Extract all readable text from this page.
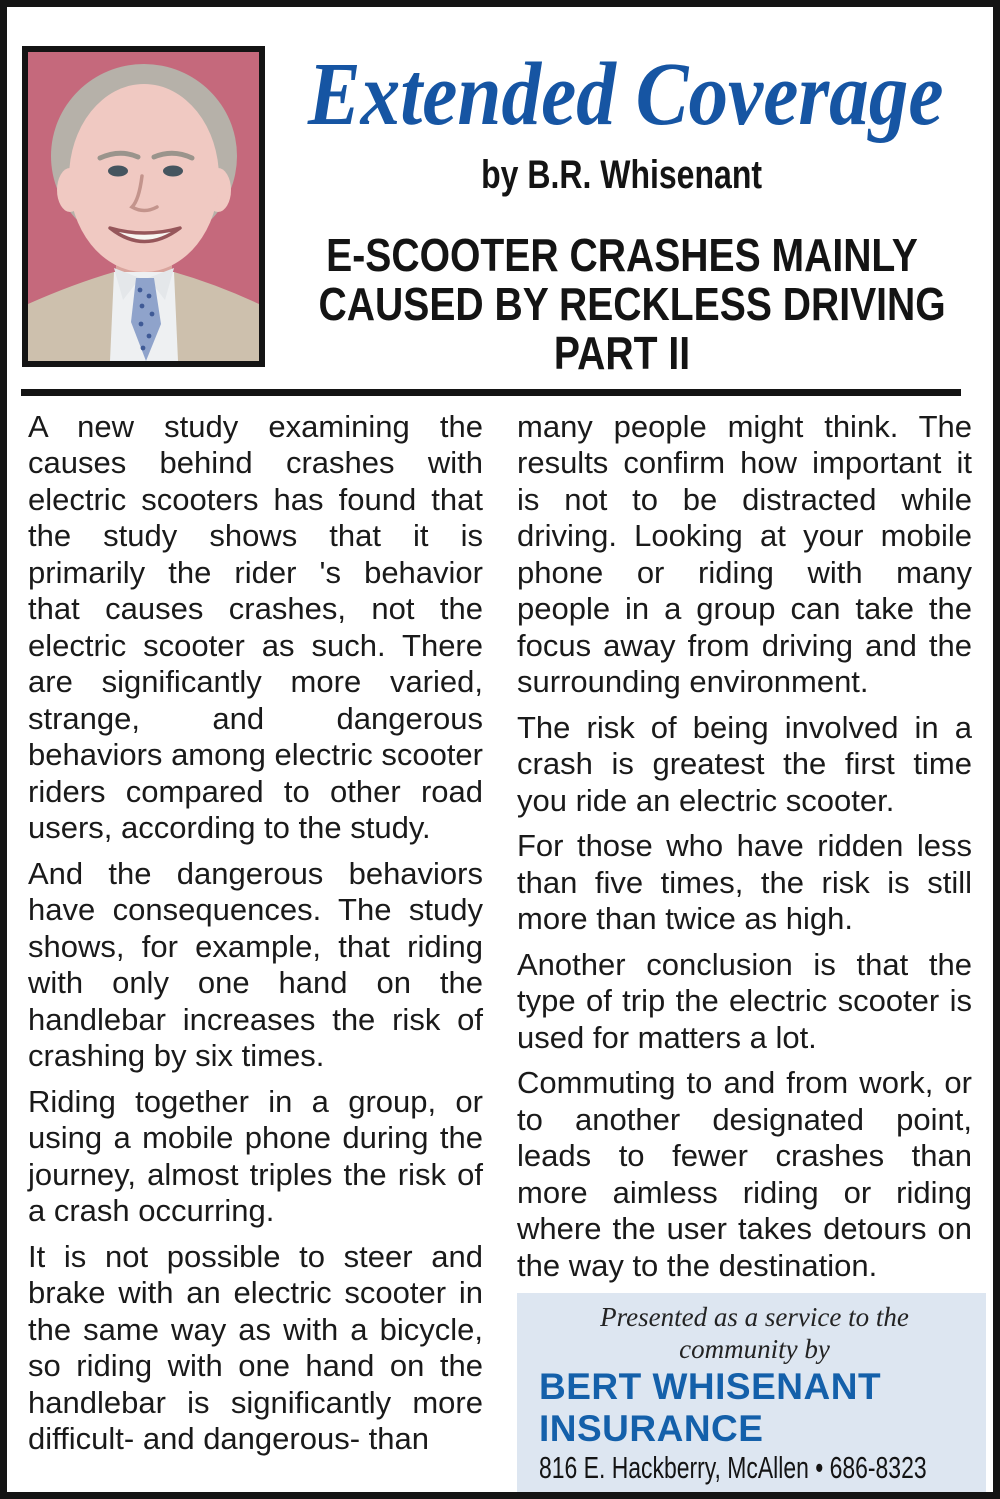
Extended Coverage
by B.R. Whisenant
E-SCOOTER CRASHES MAINLY
CAUSED BY RECKLESS DRIVING
PART II

A new study examining the causes behind crashes with electric scooters has found that the study shows that it is primarily the rider 's behavior that causes crashes, not the electric scooter as such. There are significantly more varied, strange, and dangerous behaviors among electric scooter riders compared to other road users, according to the study.

And the dangerous behaviors have consequences. The study shows, for example, that riding with only one hand on the handlebar increases the risk of crashing by six times.

Riding together in a group, or using a mobile phone during the journey, almost triples the risk of a crash occurring.

It is not possible to steer and brake with an electric scooter in the same way as with a bicycle, so riding with one hand on the handlebar is significantly more difficult- and dangerous- than

many people might think. The results confirm how important it is not to be distracted while driving. Looking at your mobile phone or riding with many people in a group can take the focus away from driving and the surrounding environment.

The risk of being involved in a crash is greatest the first time you ride an electric scooter.

For those who have ridden less than five times, the risk is still more than twice as high.

Another conclusion is that the type of trip the electric scooter is used for matters a lot.

Commuting to and from work, or to another designated point, leads to fewer crashes than more aimless riding or riding where the user takes detours on the way to the destination.

Presented as a service to the community by
BERT WHISENANT
INSURANCE
816 E. Hackberry, McAllen • 686-8323
